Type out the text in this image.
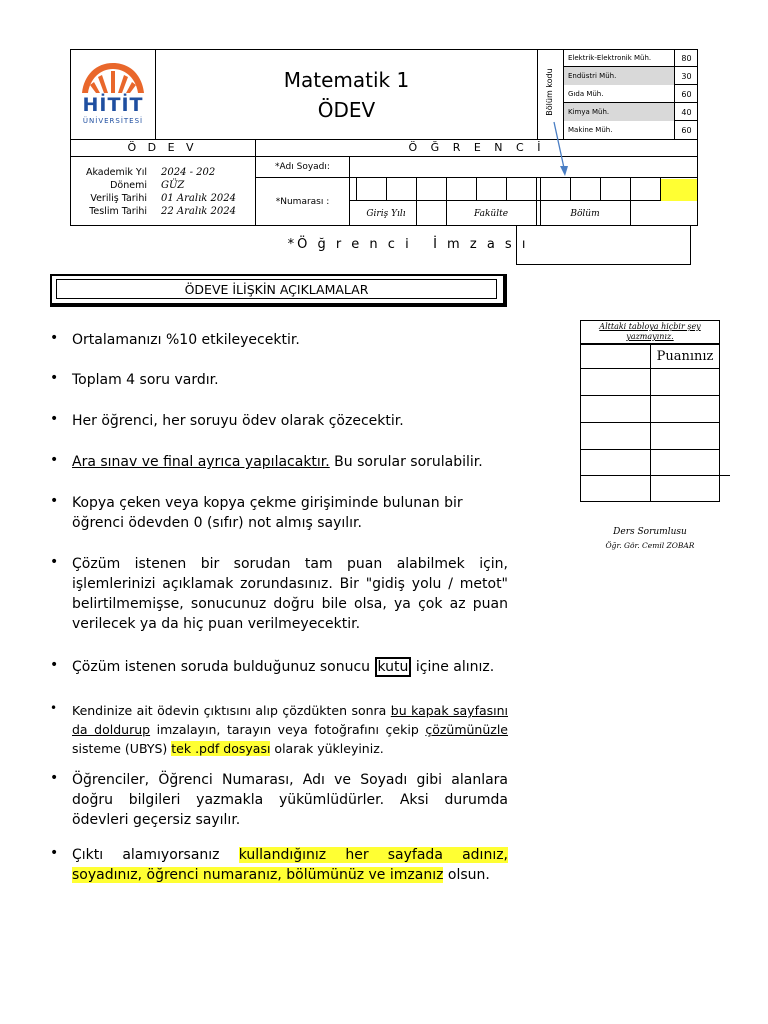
HİTİT
ÜNİVERSİTESİ
Matematik 1
ÖDEV	Bölüm kodu
Elektrik-Elektronik Müh.	80
Endüstri Müh.	30
Gıda Müh.	60
Kimya Müh.	40
Makine Müh.	60
Ö D E V	Ö Ğ R E N C İ
Akademik Yıl 2024 - 202
Dönemi GÜZ
Veriliş Tarihi 01 Aralık 2024
Teslim Tarihi 22 Aralık 2024
*Adı Soyadı:
*Numarası :
Giriş Yılı	Fakülte	Bölüm
*Ö ğ r e n c i   İ m z a s ı
ÖDEVE İLİŞKİN AÇIKLAMALAR
• Ortalamanızı %10 etkileyecektir.
• Toplam 4 soru vardır.
• Her öğrenci, her soruyu ödev olarak çözecektir.
• Ara sınav ve final ayrıca yapılacaktır. Bu sorular sorulabilir.
• Kopya çeken veya kopya çekme girişiminde bulunan bir öğrenci ödevden 0 (sıfır) not almış sayılır.
• Çözüm istenen bir sorudan tam puan alabilmek için, işlemlerinizi açıklamak zorundasınız. Bir "gidiş yolu / metot" belirtilmemişse, sonucunuz doğru bile olsa, ya çok az puan verilecek ya da hiç puan verilmeyecektir.
• Çözüm istenen soruda bulduğunuz sonucu kutu içine alınız.
• Kendinize ait ödevin çıktısını alıp çözdükten sonra bu kapak sayfasını da doldurup imzalayın, tarayın veya fotoğrafını çekip çözümünüzle sisteme (UBYS) tek .pdf dosyası olarak yükleyiniz.
• Öğrenciler, Öğrenci Numarası, Adı ve Soyadı gibi alanlara doğru bilgileri yazmakla yükümlüdürler. Aksi durumda ödevleri geçersiz sayılır.
• Çıktı alamıyorsanız kullandığınız her sayfada adınız, soyadınız, öğrenci numaranız, bölümünüz ve imzanız olsun.
Alttaki tabloya hiçbir şey yazmayınız.
Puanınız
Ders Sorumlusu
Öğr. Gör. Cemil ZOBAR
